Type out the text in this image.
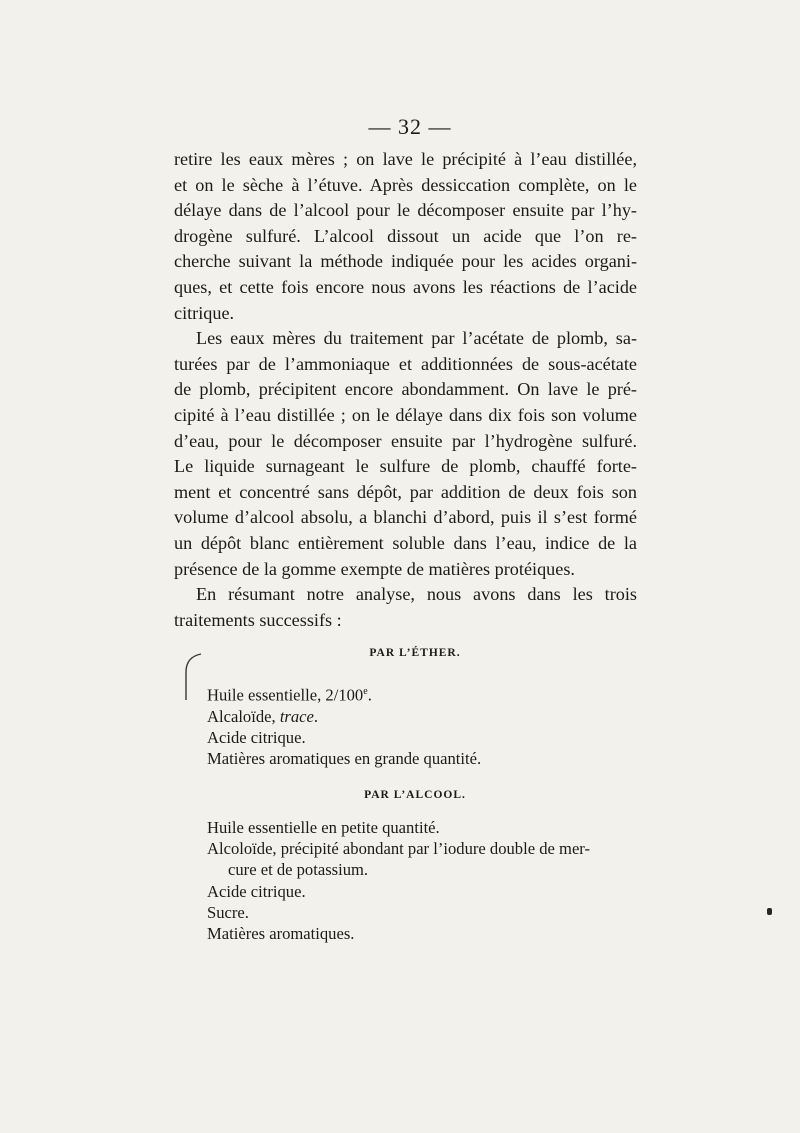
— 32 —

retire les eaux mères ; on lave le précipité à l’eau distillée,
et on le sèche à l’étuve. Après dessiccation complète, on le
délaye dans de l’alcool pour le décomposer ensuite par l’hy-
drogène sulfuré. L’alcool dissout un acide que l’on re-
cherche suivant la méthode indiquée pour les acides organi-
ques, et cette fois encore nous avons les réactions de l’acide
citrique.

Les eaux mères du traitement par l’acétate de plomb, sa-
turées par de l’ammoniaque et additionnées de sous-acétate
de plomb, précipitent encore abondamment. On lave le pré-
cipité à l’eau distillée ; on le délaye dans dix fois son volume
d’eau, pour le décomposer ensuite par l’hydrogène sulfuré.
Le liquide surnageant le sulfure de plomb, chauffé forte-
ment et concentré sans dépôt, par addition de deux fois son
volume d’alcool absolu, a blanchi d’abord, puis il s’est formé
un dépôt blanc entièrement soluble dans l’eau, indice de la
présence de la gomme exempte de matières protéiques.

En résumant notre analyse, nous avons dans les trois
traitements successifs :

PAR L’ÉTHER.
Huile essentielle, 2/100e.
Alcaloïde, trace.
Acide citrique.
Matières aromatiques en grande quantité.
PAR L’ALCOOL.
Huile essentielle en petite quantité.
Alcoloïde, précipité abondant par l’iodure double de mer-
cure et de potassium.
Acide citrique.
Sucre.
Matières aromatiques.
